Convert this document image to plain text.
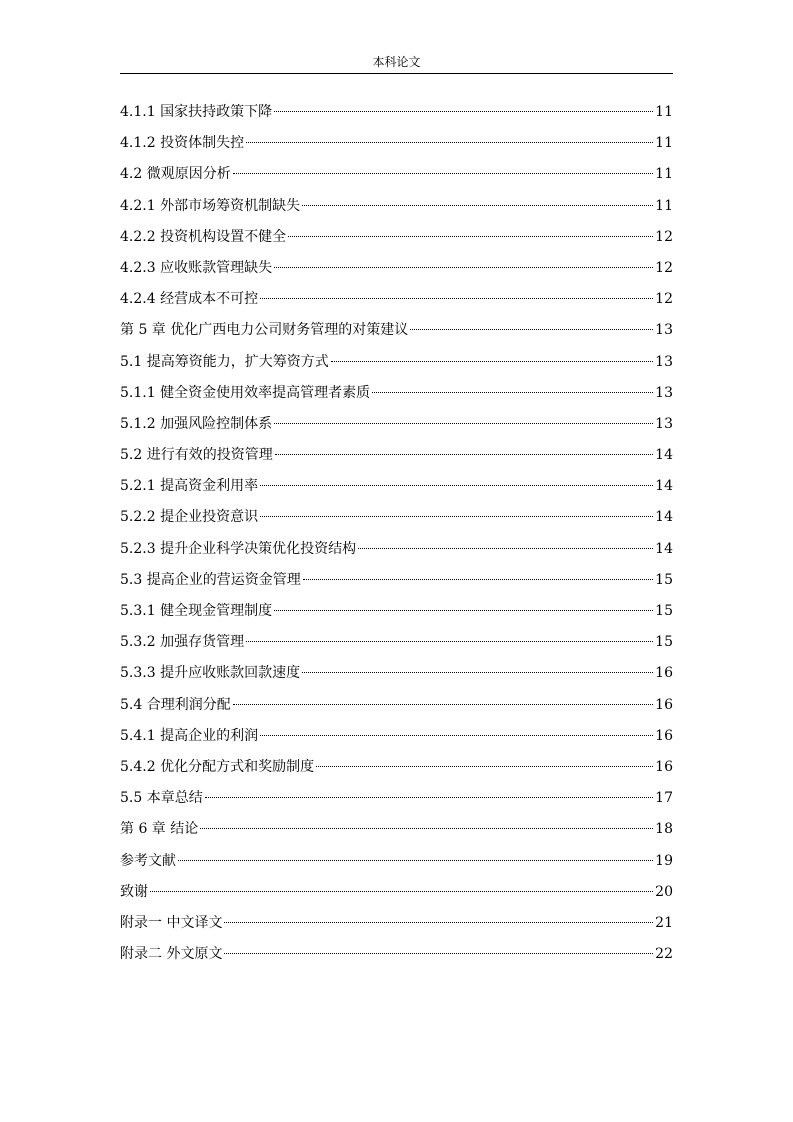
本科论文
4.1.1 国家扶持政策下降	11
4.1.2 投资体制失控	11
4.2 微观原因分析	11
4.2.1 外部市场筹资机制缺失	11
4.2.2 投资机构设置不健全	12
4.2.3 应收账款管理缺失	12
4.2.4 经营成本不可控	12
第 5 章 优化广西电力公司财务管理的对策建议	13
5.1 提高筹资能力，扩大筹资方式	13
5.1.1 健全资金使用效率提高管理者素质	13
5.1.2 加强风险控制体系	13
5.2 进行有效的投资管理	14
5.2.1 提高资金利用率	14
5.2.2 提企业投资意识	14
5.2.3 提升企业科学决策优化投资结构	14
5.3 提高企业的营运资金管理	15
5.3.1 健全现金管理制度	15
5.3.2 加强存货管理	15
5.3.3 提升应收账款回款速度	16
5.4 合理利润分配	16
5.4.1 提高企业的利润	16
5.4.2 优化分配方式和奖励制度	16
5.5 本章总结	17
第 6 章 结论	18
参考文献	19
致谢	20
附录一 中文译文	21
附录二 外文原文	22
